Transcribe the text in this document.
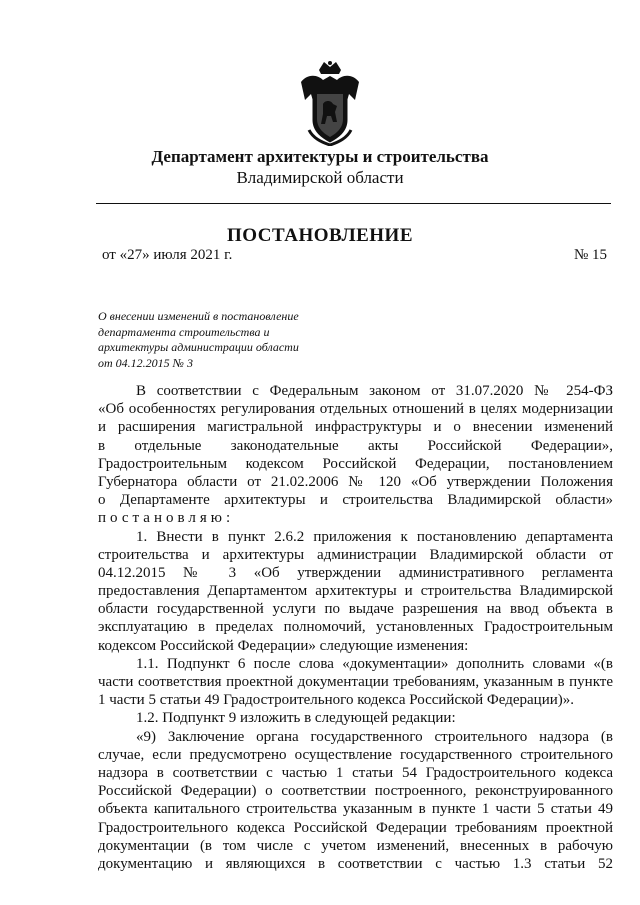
Департамент архитектуры и строительства
Владимирской области
ПОСТАНОВЛЕНИЕ
от «27» июля 2021 г.	№ 15
О внесении изменений в постановление
департамента строительства и
архитектуры администрации области
от 04.12.2015 № 3
В соответствии с Федеральным законом от 31.07.2020 № 254-ФЗ
«Об особенностях регулирования отдельных отношений в целях модернизации
и расширения магистральной инфраструктуры и о внесении изменений
в отдельные законодательные акты Российской Федерации»,
Градостроительным кодексом Российской Федерации, постановлением
Губернатора области от 21.02.2006 № 120 «Об утверждении Положения
о Департаменте архитектуры и строительства Владимирской области»
постановляю:
1. Внести в пункт 2.6.2 приложения к постановлению департамента
строительства и архитектуры администрации Владимирской области от
04.12.2015 № 3 «Об утверждении административного регламента
предоставления Департаментом архитектуры и строительства Владимирской
области государственной услуги по выдаче разрешения на ввод объекта в
эксплуатацию в пределах полномочий, установленных Градостроительным
кодексом Российской Федерации» следующие изменения:
1.1. Подпункт 6 после слова «документации» дополнить словами «(в
части соответствия проектной документации требованиям, указанным в пункте
1 части 5 статьи 49 Градостроительного кодекса Российской Федерации)».
1.2. Подпункт 9 изложить в следующей редакции:
«9) Заключение органа государственного строительного надзора (в
случае, если предусмотрено осуществление государственного строительного
надзора в соответствии с частью 1 статьи 54 Градостроительного кодекса
Российской Федерации) о соответствии построенного, реконструированного
объекта капитального строительства указанным в пункте 1 части 5 статьи 49
Градостроительного кодекса Российской Федерации требованиям проектной
документации (в том числе с учетом изменений, внесенных в рабочую
документацию и являющихся в соответствии с частью 1.3 статьи 52
